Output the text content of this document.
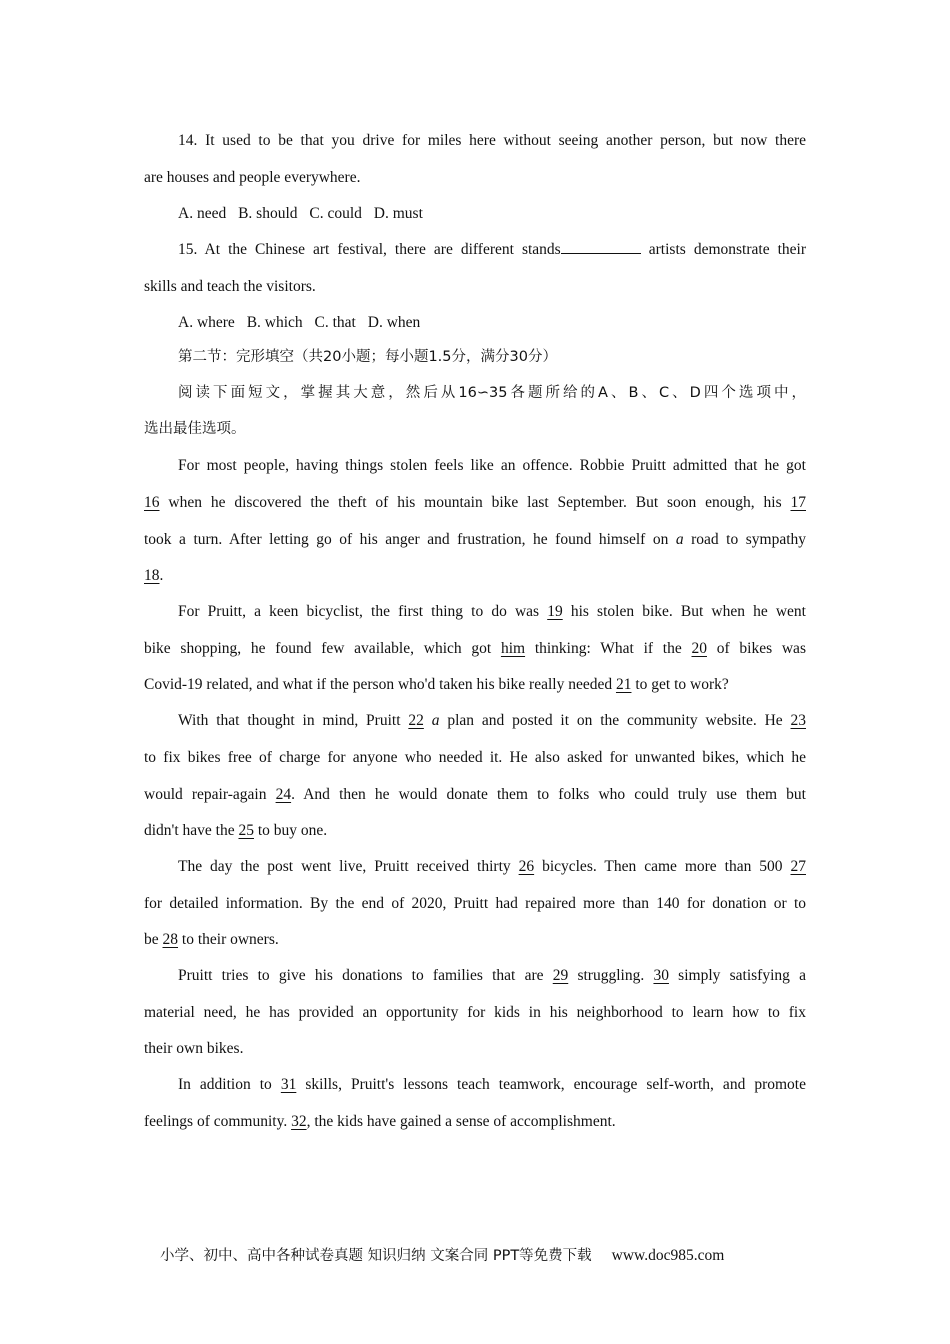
14. It used to be that you drive for miles here without seeing another person, but now there
are houses and people everywhere.
A. need B. should C. could D. must
15. At the Chinese art festival, there are different stands	artists demonstrate their
skills and teach the visitors.
A. where B. which C. that D. when
第二节：完形填空（共20小题；每小题1.5分，满分30分）
阅读下面短文，掌握其大意，然后从16∽35各题所给的A、B、C、D四个选项中，
选出最佳选项。
For most people, having things stolen feels like an offence. Robbie Pruitt admitted that he got
16 when he discovered the theft of his mountain bike last September. But soon enough, his 17
took a turn. After letting go of his anger and frustration, he found himself on a road to sympathy
18.
For Pruitt, a keen bicyclist, the first thing to do was 19 his stolen bike. But when he went
bike shopping, he found few available, which got him thinking: What if the 20 of bikes was
Covid-19 related, and what if the person who'd taken his bike really needed 21 to get to work?
With that thought in mind, Pruitt 22 a plan and posted it on the community website. He 23
to fix bikes free of charge for anyone who needed it. He also asked for unwanted bikes, which he
would repair-again 24. And then he would donate them to folks who could truly use them but
didn't have the 25 to buy one.
The day the post went live, Pruitt received thirty 26 bicycles. Then came more than 500 27
for detailed information. By the end of 2020, Pruitt had repaired more than 140 for donation or to
be 28 to their owners.
Pruitt tries to give his donations to families that are 29 struggling. 30 simply satisfying a
material need, he has provided an opportunity for kids in his neighborhood to learn how to fix
their own bikes.
In addition to 31 skills, Pruitt's lessons teach teamwork, encourage self-worth, and promote
feelings of community. 32, the kids have gained a sense of accomplishment.
小学、初中、高中各种试卷真题 知识归纳 文案合同 PPT等免费下载 www.doc985.com
